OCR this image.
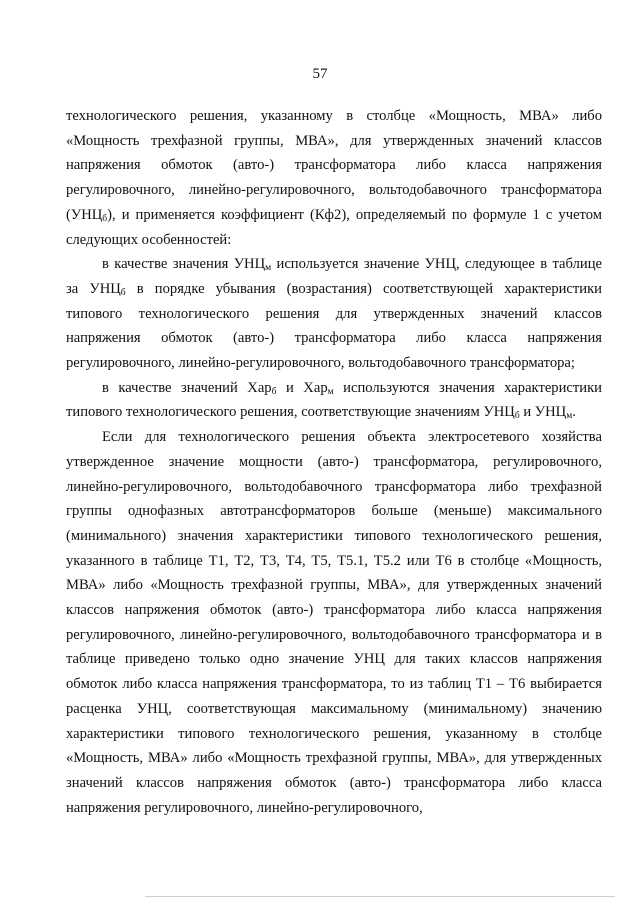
57

технологического решения, указанному в столбце «Мощность, МВА» либо «Мощность трехфазной группы, МВА», для утвержденных значений классов напряжения обмоток (авто-) трансформатора либо класса напряжения регулировочного, линейно-регулировочного, вольтодобавочного трансформатора $(УНЦ_б)$, и применяется коэффициент (Кф2), определяемый по формуле 1 с учетом следующих особенностей:

в качестве значения $УНЦ_м$ используется значение УНЦ, следующее в таблице за $УНЦ_б$ в порядке убывания (возрастания) соответствующей характеристики типового технологического решения для утвержденных значений классов напряжения обмоток (авто-) трансформатора либо класса напряжения регулировочного, линейно-регулировочного, вольтодобавочного трансформатора;

в качестве значений Хар$_б$ и Хар$_м$ используются значения характеристики типового технологического решения, соответствующие значениям $УНЦ_б$ и $УНЦ_м$.

Если для технологического решения объекта электросетевого хозяйства утвержденное значение мощности (авто-) трансформатора, регулировочного, линейно-регулировочного, вольтодобавочного трансформатора либо трехфазной группы однофазных автотрансформаторов больше (меньше) максимального (минимального) значения характеристики типового технологического решения, указанного в таблице Т1, Т2, Т3, Т4, Т5, Т5.1, Т5.2 или Т6 в столбце «Мощность, МВА» либо «Мощность трехфазной группы, МВА», для утвержденных значений классов напряжения обмоток (авто-) трансформатора либо класса напряжения регулировочного, линейно-регулировочного, вольтодобавочного трансформатора и в таблице приведено только одно значение УНЦ для таких классов напряжения обмоток либо класса напряжения трансформатора, то из таблиц Т1 – Т6 выбирается расценка УНЦ, соответствующая максимальному (минимальному) значению характеристики типового технологического решения, указанному в столбце «Мощность, МВА» либо «Мощность трехфазной группы, МВА», для утвержденных значений классов напряжения обмоток (авто-) трансформатора либо класса напряжения регулировочного, линейно-регулировочного,
